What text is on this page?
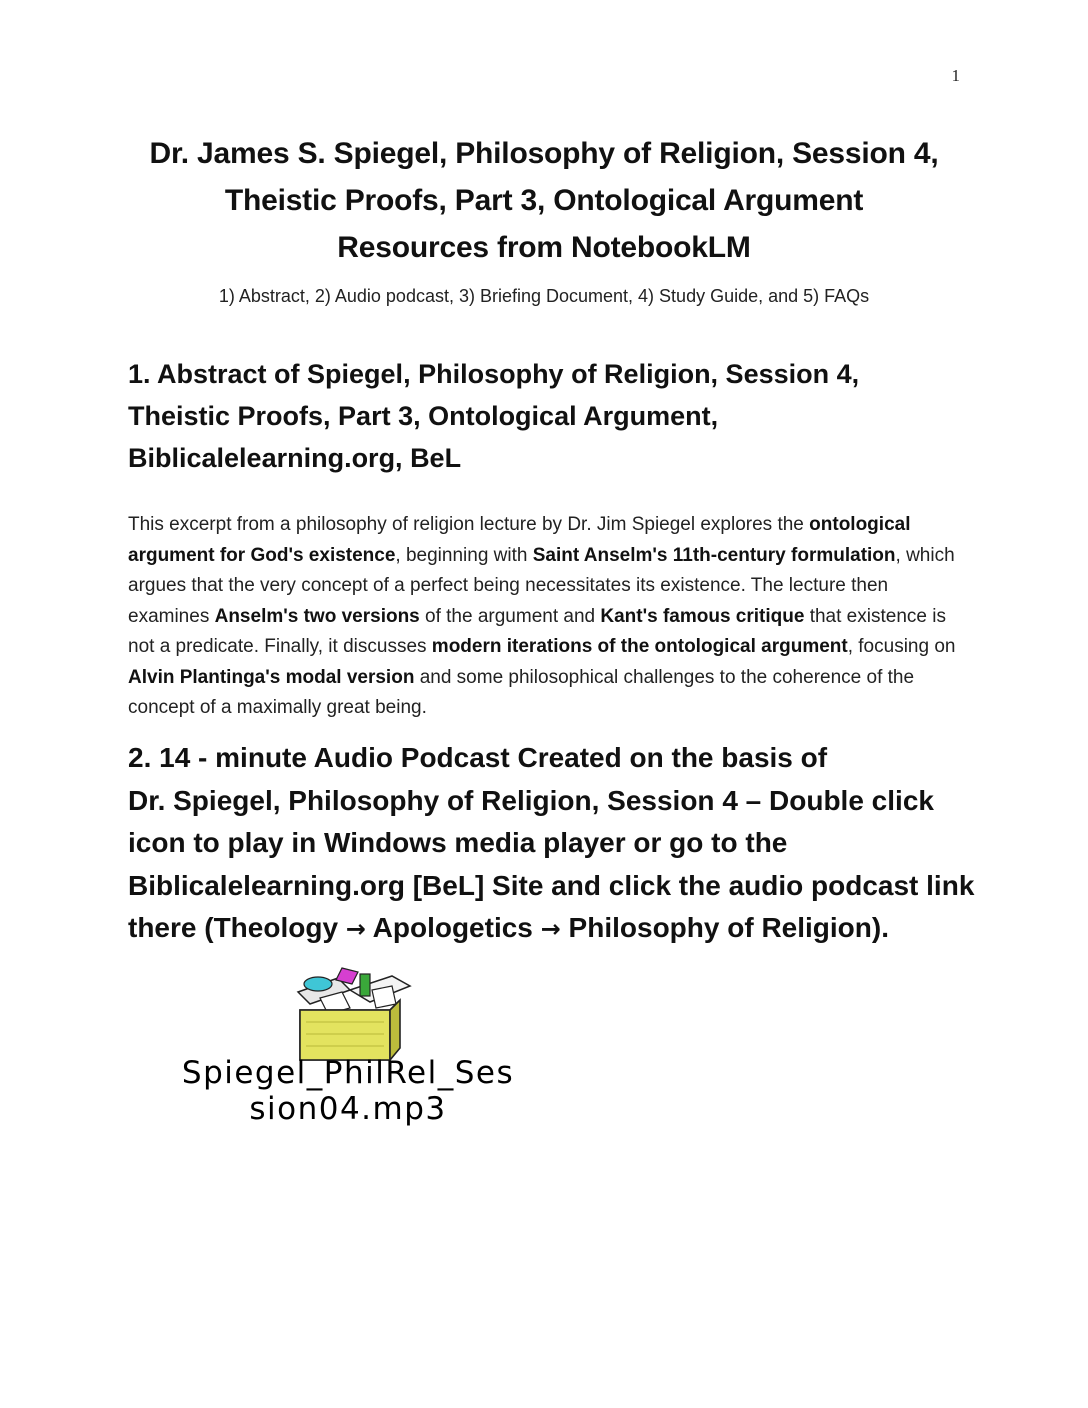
1
Dr. James S. Spiegel, Philosophy of Religion, Session 4,
Theistic Proofs, Part 3, Ontological Argument
Resources from NotebookLM
1) Abstract, 2) Audio podcast, 3) Briefing Document, 4) Study Guide, and 5) FAQs
1. Abstract of Spiegel, Philosophy of Religion, Session 4,
Theistic Proofs, Part 3, Ontological Argument,
Biblicalelearning.org, BeL

This excerpt from a philosophy of religion lecture by Dr. Jim Spiegel explores the ontological argument for God's existence, beginning with Saint Anselm's 11th-century formulation, which argues that the very concept of a perfect being necessitates its existence. The lecture then examines Anselm's two versions of the argument and Kant's famous critique that existence is not a predicate. Finally, it discusses modern iterations of the ontological argument, focusing on Alvin Plantinga's modal version and some philosophical challenges to the coherence of the concept of a maximally great being.

2. 14 - minute Audio Podcast Created on the basis of
Dr. Spiegel, Philosophy of Religion, Session 4 – Double click
icon to play in Windows media player or go to the
Biblicalelearning.org [BeL] Site and click the audio podcast link
there (Theology → Apologetics → Philosophy of Religion).
Spiegel_PhilRel_Ses
sion04.mp3
